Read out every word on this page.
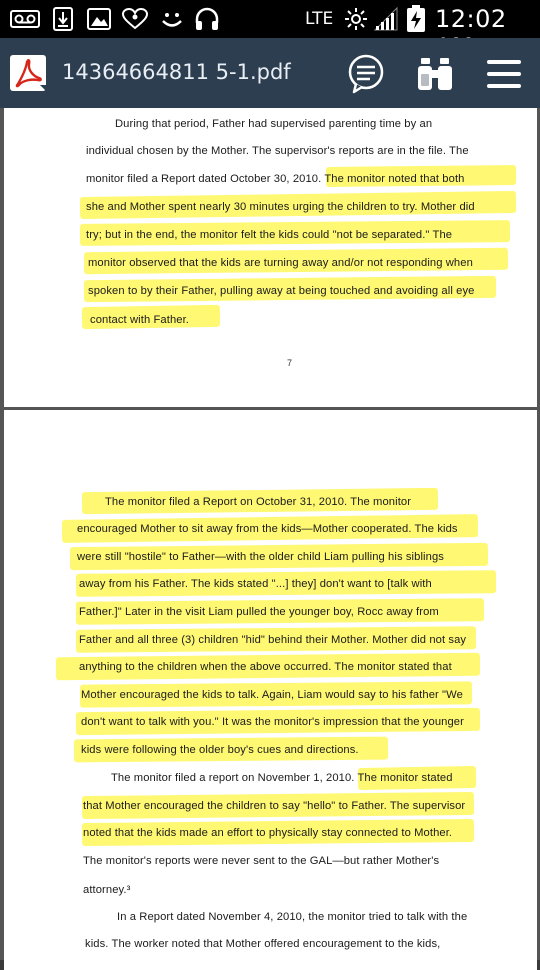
LTE	12:02
14364664811 5-1.pdf
During that period, Father had supervised parenting time by an
individual chosen by the Mother. The supervisor's reports are in the file. The
monitor filed a Report dated October 30, 2010. The monitor noted that both
she and Mother spent nearly 30 minutes urging the children to try. Mother did
try; but in the end, the monitor felt the kids could "not be separated." The
monitor observed that the kids are turning away and/or not responding when
spoken to by their Father, pulling away at being touched and avoiding all eye
contact with Father.
7
The monitor filed a Report on October 31, 2010. The monitor
encouraged Mother to sit away from the kids—Mother cooperated. The kids
were still "hostile" to Father—with the older child Liam pulling his siblings
away from his Father. The kids stated "...] they] don't want to [talk with
Father.]" Later in the visit Liam pulled the younger boy, Rocc away from
Father and all three (3) children "hid" behind their Mother. Mother did not say
anything to the children when the above occurred. The monitor stated that
Mother encouraged the kids to talk. Again, Liam would say to his father "We
don't want to talk with you." It was the monitor's impression that the younger
kids were following the older boy's cues and directions.
The monitor filed a report on November 1, 2010. The monitor stated
that Mother encouraged the children to say "hello" to Father. The supervisor
noted that the kids made an effort to physically stay connected to Mother.
The monitor's reports were never sent to the GAL—but rather Mother's
attorney.³
In a Report dated November 4, 2010, the monitor tried to talk with the
kids. The worker noted that Mother offered encouragement to the kids,
